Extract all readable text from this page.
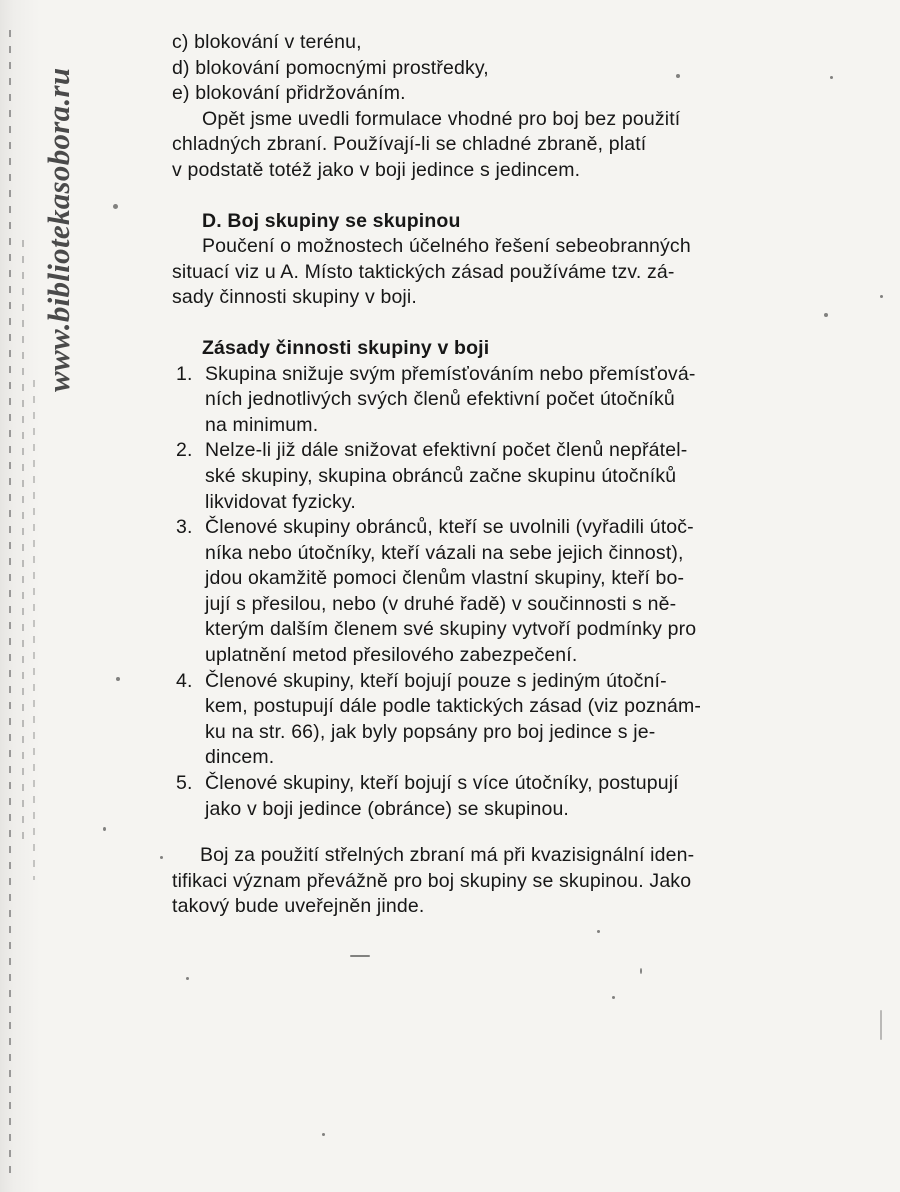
www.bibliotekasobora.ru
c) blokování v terénu,
d) blokování pomocnými prostředky,
e) blokování přidržováním.
Opět jsme uvedli formulace vhodné pro boj bez použití
chladných zbraní. Používají-li se chladné zbraně, platí
v podstatě totéž jako v boji jedince s jedincem.
D. Boj skupiny se skupinou
Poučení o možnostech účelného řešení sebeobranných
situací viz u A. Místo taktických zásad používáme tzv. zá-
sady činnosti skupiny v boji.
Zásady činnosti skupiny v boji
1. Skupina snižuje svým přemísťováním nebo přemísťová-
ních jednotlivých svých členů efektivní počet útočníků
na minimum.
2. Nelze-li již dále snižovat efektivní počet členů nepřátel-
ské skupiny, skupina obránců začne skupinu útočníků
likvidovat fyzicky.
3. Členové skupiny obránců, kteří se uvolnili (vyřadili útoč-
níka nebo útočníky, kteří vázali na sebe jejich činnost),
jdou okamžitě pomoci členům vlastní skupiny, kteří bo-
jují s přesilou, nebo (v druhé řadě) v součinnosti s ně-
kterým dalším členem své skupiny vytvoří podmínky pro
uplatnění metod přesilového zabezpečení.
4. Členové skupiny, kteří bojují pouze s jediným útoční-
kem, postupují dále podle taktických zásad (viz poznám-
ku na str. 66), jak byly popsány pro boj jedince s je-
dincem.
5. Členové skupiny, kteří bojují s více útočníky, postupují
jako v boji jedince (obránce) se skupinou.
Boj za použití střelných zbraní má při kvazisignální iden-
tifikaci význam převážně pro boj skupiny se skupinou. Jako
takový bude uveřejněn jinde.
